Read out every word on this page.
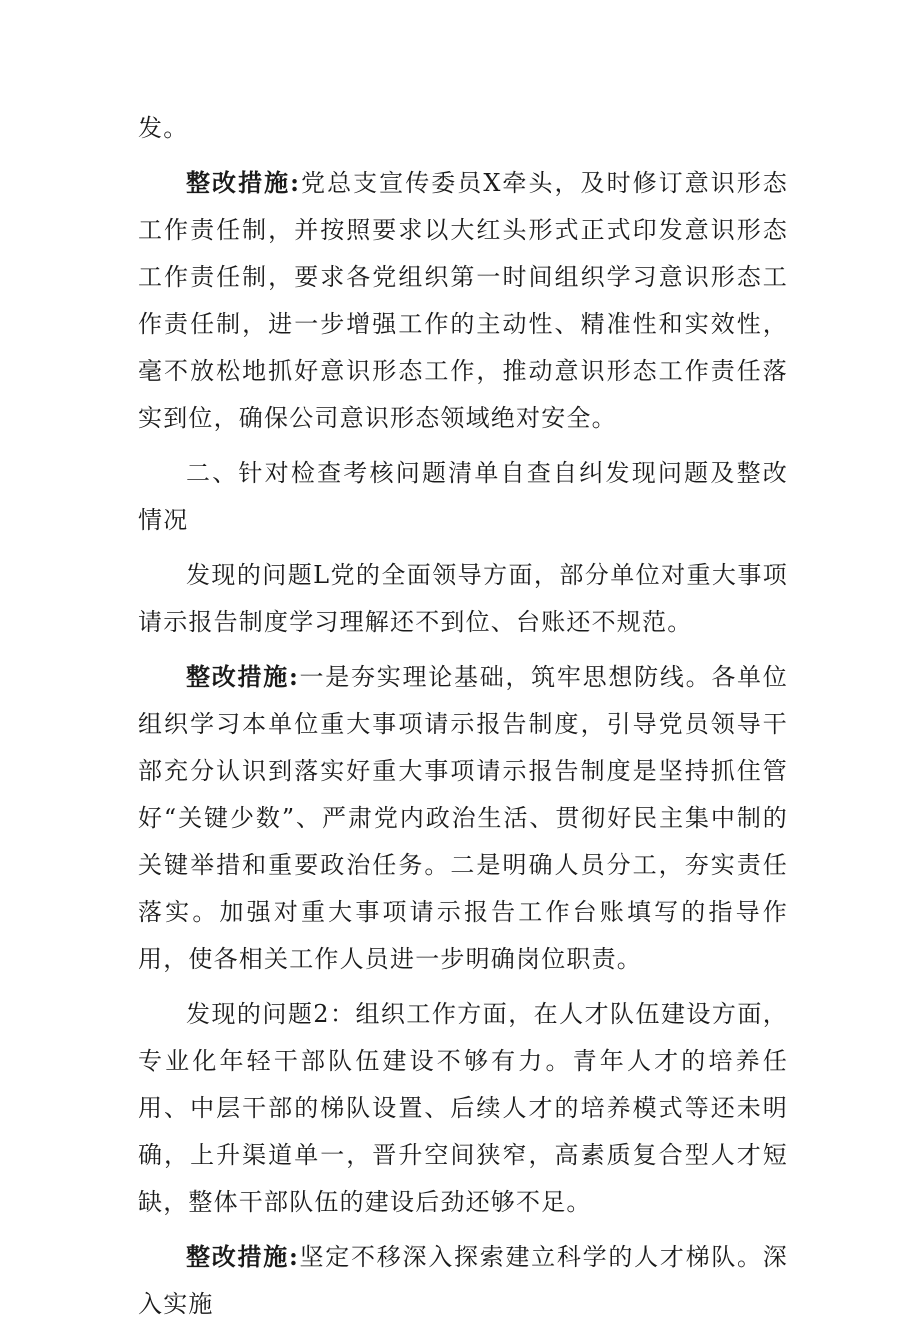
发。

整改措施:党总支宣传委员X牵头，及时修订意识形态工作责任制，并按照要求以大红头形式正式印发意识形态工作责任制，要求各党组织第一时间组织学习意识形态工作责任制，进一步增强工作的主动性、精准性和实效性，毫不放松地抓好意识形态工作，推动意识形态工作责任落实到位，确保公司意识形态领域绝对安全。

二、针对检查考核问题清单自查自纠发现问题及整改情况

发现的问题L党的全面领导方面，部分单位对重大事项请示报告制度学习理解还不到位、台账还不规范。

整改措施:一是夯实理论基础，筑牢思想防线。各单位组织学习本单位重大事项请示报告制度，引导党员领导干部充分认识到落实好重大事项请示报告制度是坚持抓住管好“关键少数”、严肃党内政治生活、贯彻好民主集中制的关键举措和重要政治任务。二是明确人员分工，夯实责任落实。加强对重大事项请示报告工作台账填写的指导作用，使各相关工作人员进一步明确岗位职责。

发现的问题2：组织工作方面，在人才队伍建设方面，专业化年轻干部队伍建设不够有力。青年人才的培养任用、中层干部的梯队设置、后续人才的培养模式等还未明确，上升渠道单一，晋升空间狭窄，高素质复合型人才短缺，整体干部队伍的建设后劲还够不足。

整改措施:坚定不移深入探索建立科学的人才梯队。深入实施
